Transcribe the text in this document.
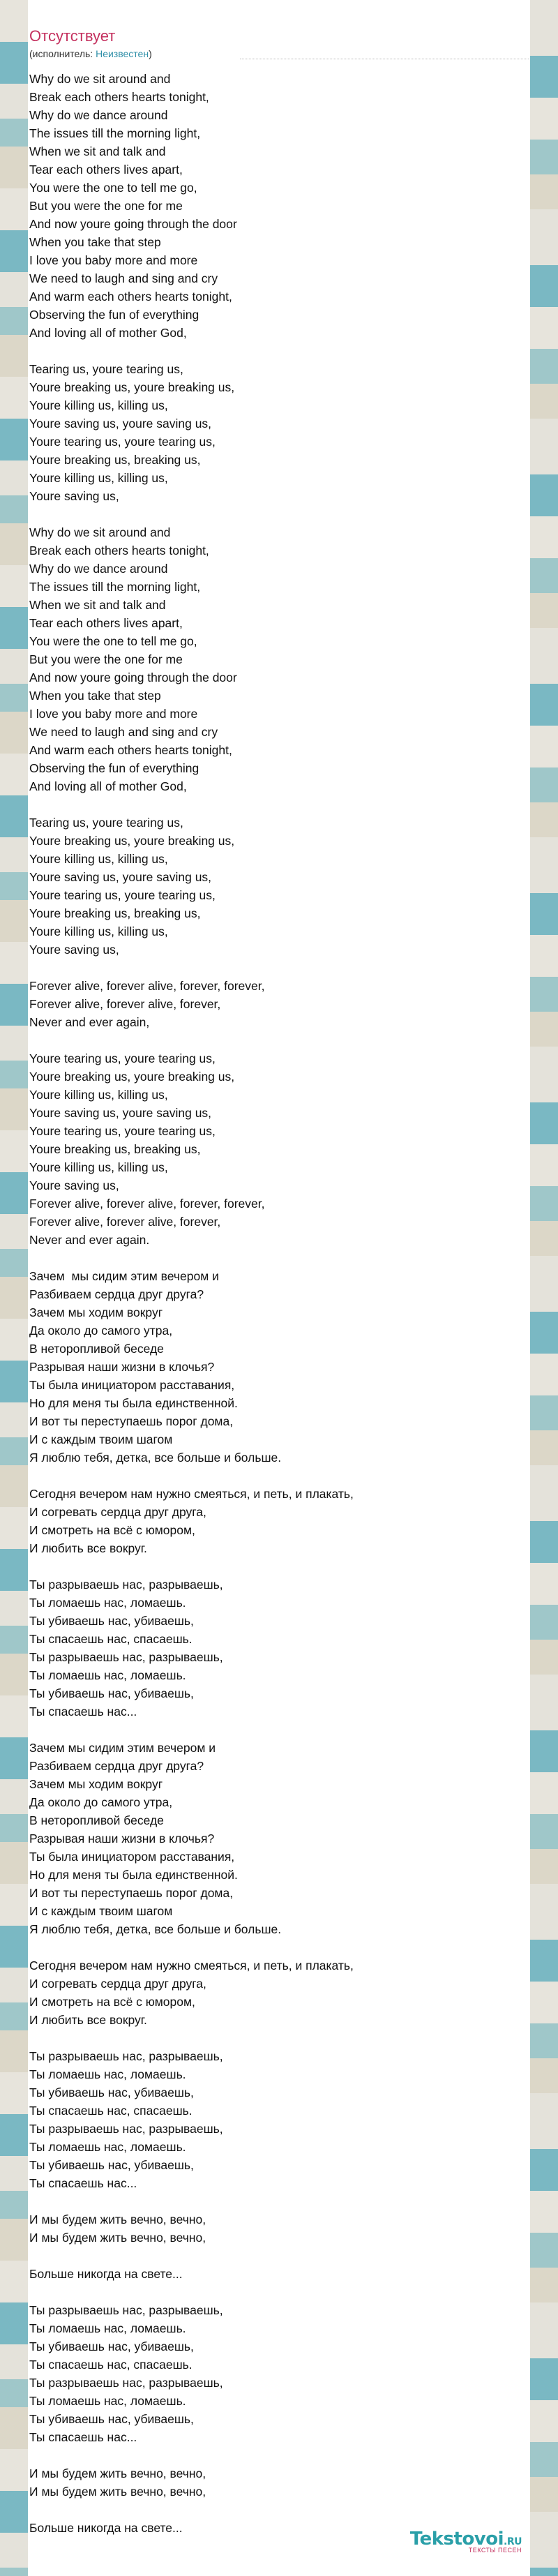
Отсутствует
(исполнитель: Неизвестен)
Why do we sit around and
Break each others hearts tonight,
Why do we dance around
The issues till the morning light,
When we sit and talk and
Tear each others lives apart,
You were the one to tell me go,
But you were the one for me
And now youre going through the door
When you take that step
I love you baby more and more
We need to laugh and sing and cry
And warm each others hearts tonight,
Observing the fun of everything
And loving all of mother God,
Tearing us, youre tearing us,
Youre breaking us, youre breaking us,
Youre killing us, killing us,
Youre saving us, youre saving us,
Youre tearing us, youre tearing us,
Youre breaking us, breaking us,
Youre killing us, killing us,
Youre saving us,
Why do we sit around and
Break each others hearts tonight,
Why do we dance around
The issues till the morning light,
When we sit and talk and
Tear each others lives apart,
You were the one to tell me go,
But you were the one for me
And now youre going through the door
When you take that step
I love you baby more and more
We need to laugh and sing and cry
And warm each others hearts tonight,
Observing the fun of everything
And loving all of mother God,
Tearing us, youre tearing us,
Youre breaking us, youre breaking us,
Youre killing us, killing us,
Youre saving us, youre saving us,
Youre tearing us, youre tearing us,
Youre breaking us, breaking us,
Youre killing us, killing us,
Youre saving us,
Forever alive, forever alive, forever, forever,
Forever alive, forever alive, forever,
Never and ever again,
Youre tearing us, youre tearing us,
Youre breaking us, youre breaking us,
Youre killing us, killing us,
Youre saving us, youre saving us,
Youre tearing us, youre tearing us,
Youre breaking us, breaking us,
Youre killing us, killing us,
Youre saving us,
Forever alive, forever alive, forever, forever,
Forever alive, forever alive, forever,
Never and ever again.
Зачем  мы сидим этим вечером и
Разбиваем сердца друг друга?
Зачем мы ходим вокруг
Да около до самого утра,
В неторопливой беседе
Разрывая наши жизни в клочья?
Ты была инициатором расставания,
Но для меня ты была единственной.
И вот ты переступаешь порог дома,
И с каждым твоим шагом
Я люблю тебя, детка, все больше и больше.
Сегодня вечером нам нужно смеяться, и петь, и плакать,
И согревать сердца друг друга,
И смотреть на всё с юмором,
И любить все вокруг.
Ты разрываешь нас, разрываешь,
Ты ломаешь нас, ломаешь.
Ты убиваешь нас, убиваешь,
Ты спасаешь нас, спасаешь.
Ты разрываешь нас, разрываешь,
Ты ломаешь нас, ломаешь.
Ты убиваешь нас, убиваешь,
Ты спасаешь нас...
Зачем мы сидим этим вечером и
Разбиваем сердца друг друга?
Зачем мы ходим вокруг
Да около до самого утра,
В неторопливой беседе
Разрывая наши жизни в клочья?
Ты была инициатором расставания,
Но для меня ты была единственной.
И вот ты переступаешь порог дома,
И с каждым твоим шагом
Я люблю тебя, детка, все больше и больше.
Сегодня вечером нам нужно смеяться, и петь, и плакать,
И согревать сердца друг друга,
И смотреть на всё с юмором,
И любить все вокруг.
Ты разрываешь нас, разрываешь,
Ты ломаешь нас, ломаешь.
Ты убиваешь нас, убиваешь,
Ты спасаешь нас, спасаешь.
Ты разрываешь нас, разрываешь,
Ты ломаешь нас, ломаешь.
Ты убиваешь нас, убиваешь,
Ты спасаешь нас...
И мы будем жить вечно, вечно,
И мы будем жить вечно, вечно,
Больше никогда на свете...
Ты разрываешь нас, разрываешь,
Ты ломаешь нас, ломаешь.
Ты убиваешь нас, убиваешь,
Ты спасаешь нас, спасаешь.
Ты разрываешь нас, разрываешь,
Ты ломаешь нас, ломаешь.
Ты убиваешь нас, убиваешь,
Ты спасаешь нас...
И мы будем жить вечно, вечно,
И мы будем жить вечно, вечно,
Больше никогда на свете...
Tekstovoi.RU
ТЕКСТЫ ПЕСЕН
